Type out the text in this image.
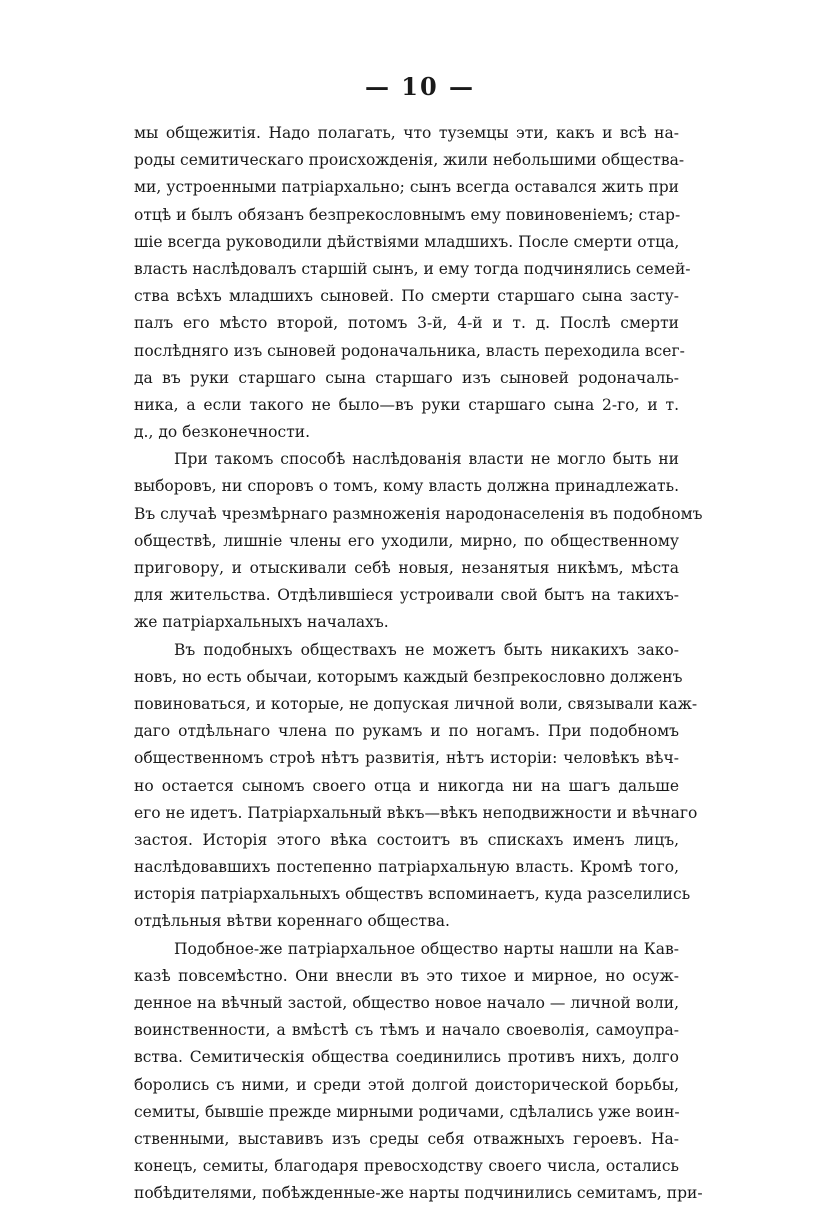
— 10 —
мы общежитія. Надо полагать, что туземцы эти, какъ и всѣ на-
роды семитическаго происхожденія, жили небольшими общества-
ми, устроенными патріархально; сынъ всегда оставался жить при
отцѣ и былъ обязанъ безпрекословнымъ ему повиновеніемъ; стар-
шіе всегда руководили дѣйствіями младшихъ. После смерти отца,
власть наслѣдовалъ старшій сынъ, и ему тогда подчинялись семей-
ства всѣхъ младшихъ сыновей. По смерти старшаго сына засту-
палъ его мѣсто второй, потомъ 3-й, 4-й и т. д. Послѣ смерти
послѣдняго изъ сыновей родоначальника, власть переходила всег-
да въ руки старшаго сына старшаго изъ сыновей родоначаль-
ника, а если такого не было—въ руки старшаго сына 2-го, и т.
д., до безконечности.
При такомъ способѣ наслѣдованія власти не могло быть ни
выборовъ, ни споровъ о томъ, кому власть должна принадлежать.
Въ случаѣ чрезмѣрнаго размноженія народонаселенія въ подобномъ
обществѣ, лишніе члены его уходили, мирно, по общественному
приговору, и отыскивали себѣ новыя, незанятыя никѣмъ, мѣста
для жительства. Отдѣлившіеся устроивали свой бытъ на такихъ-
же патріархальныхъ началахъ.
Въ подобныхъ обществахъ не можетъ быть никакихъ зако-
новъ, но есть обычаи, которымъ каждый безпрекословно долженъ
повиноваться, и которые, не допуская личной воли, связывали каж-
даго отдѣльнаго члена по рукамъ и по ногамъ. При подобномъ
общественномъ строѣ нѣтъ развитія, нѣтъ исторіи: человѣкъ вѣч-
но остается сыномъ своего отца и никогда ни на шагъ дальше
его не идетъ. Патріархальный вѣкъ—вѣкъ неподвижности и вѣчнаго
застоя. Исторія этого вѣка состоитъ въ спискахъ именъ лицъ,
наслѣдовавшихъ постепенно патріархальную власть. Кромѣ того,
исторія патріархальныхъ обществъ вспоминаетъ, куда разселились
отдѣльныя вѣтви кореннаго общества.
Подобное-же патріархальное общество нарты нашли на Кав-
казѣ повсемѣстно. Они внесли въ это тихое и мирное, но осуж-
денное на вѣчный застой, общество новое начало — личной воли,
воинственности, а вмѣстѣ съ тѣмъ и начало своеволія, самоупра-
вства. Семитическія общества соединились противъ нихъ, долго
боролись съ ними, и среди этой долгой доисторической борьбы,
семиты, бывшіе прежде мирными родичами, сдѣлались уже воин-
ственными, выставивъ изъ среды себя отважныхъ героевъ. На-
конецъ, семиты, благодаря превосходству своего числа, остались
побѣдителями, побѣжденные-же нарты подчинились семитамъ, при-
